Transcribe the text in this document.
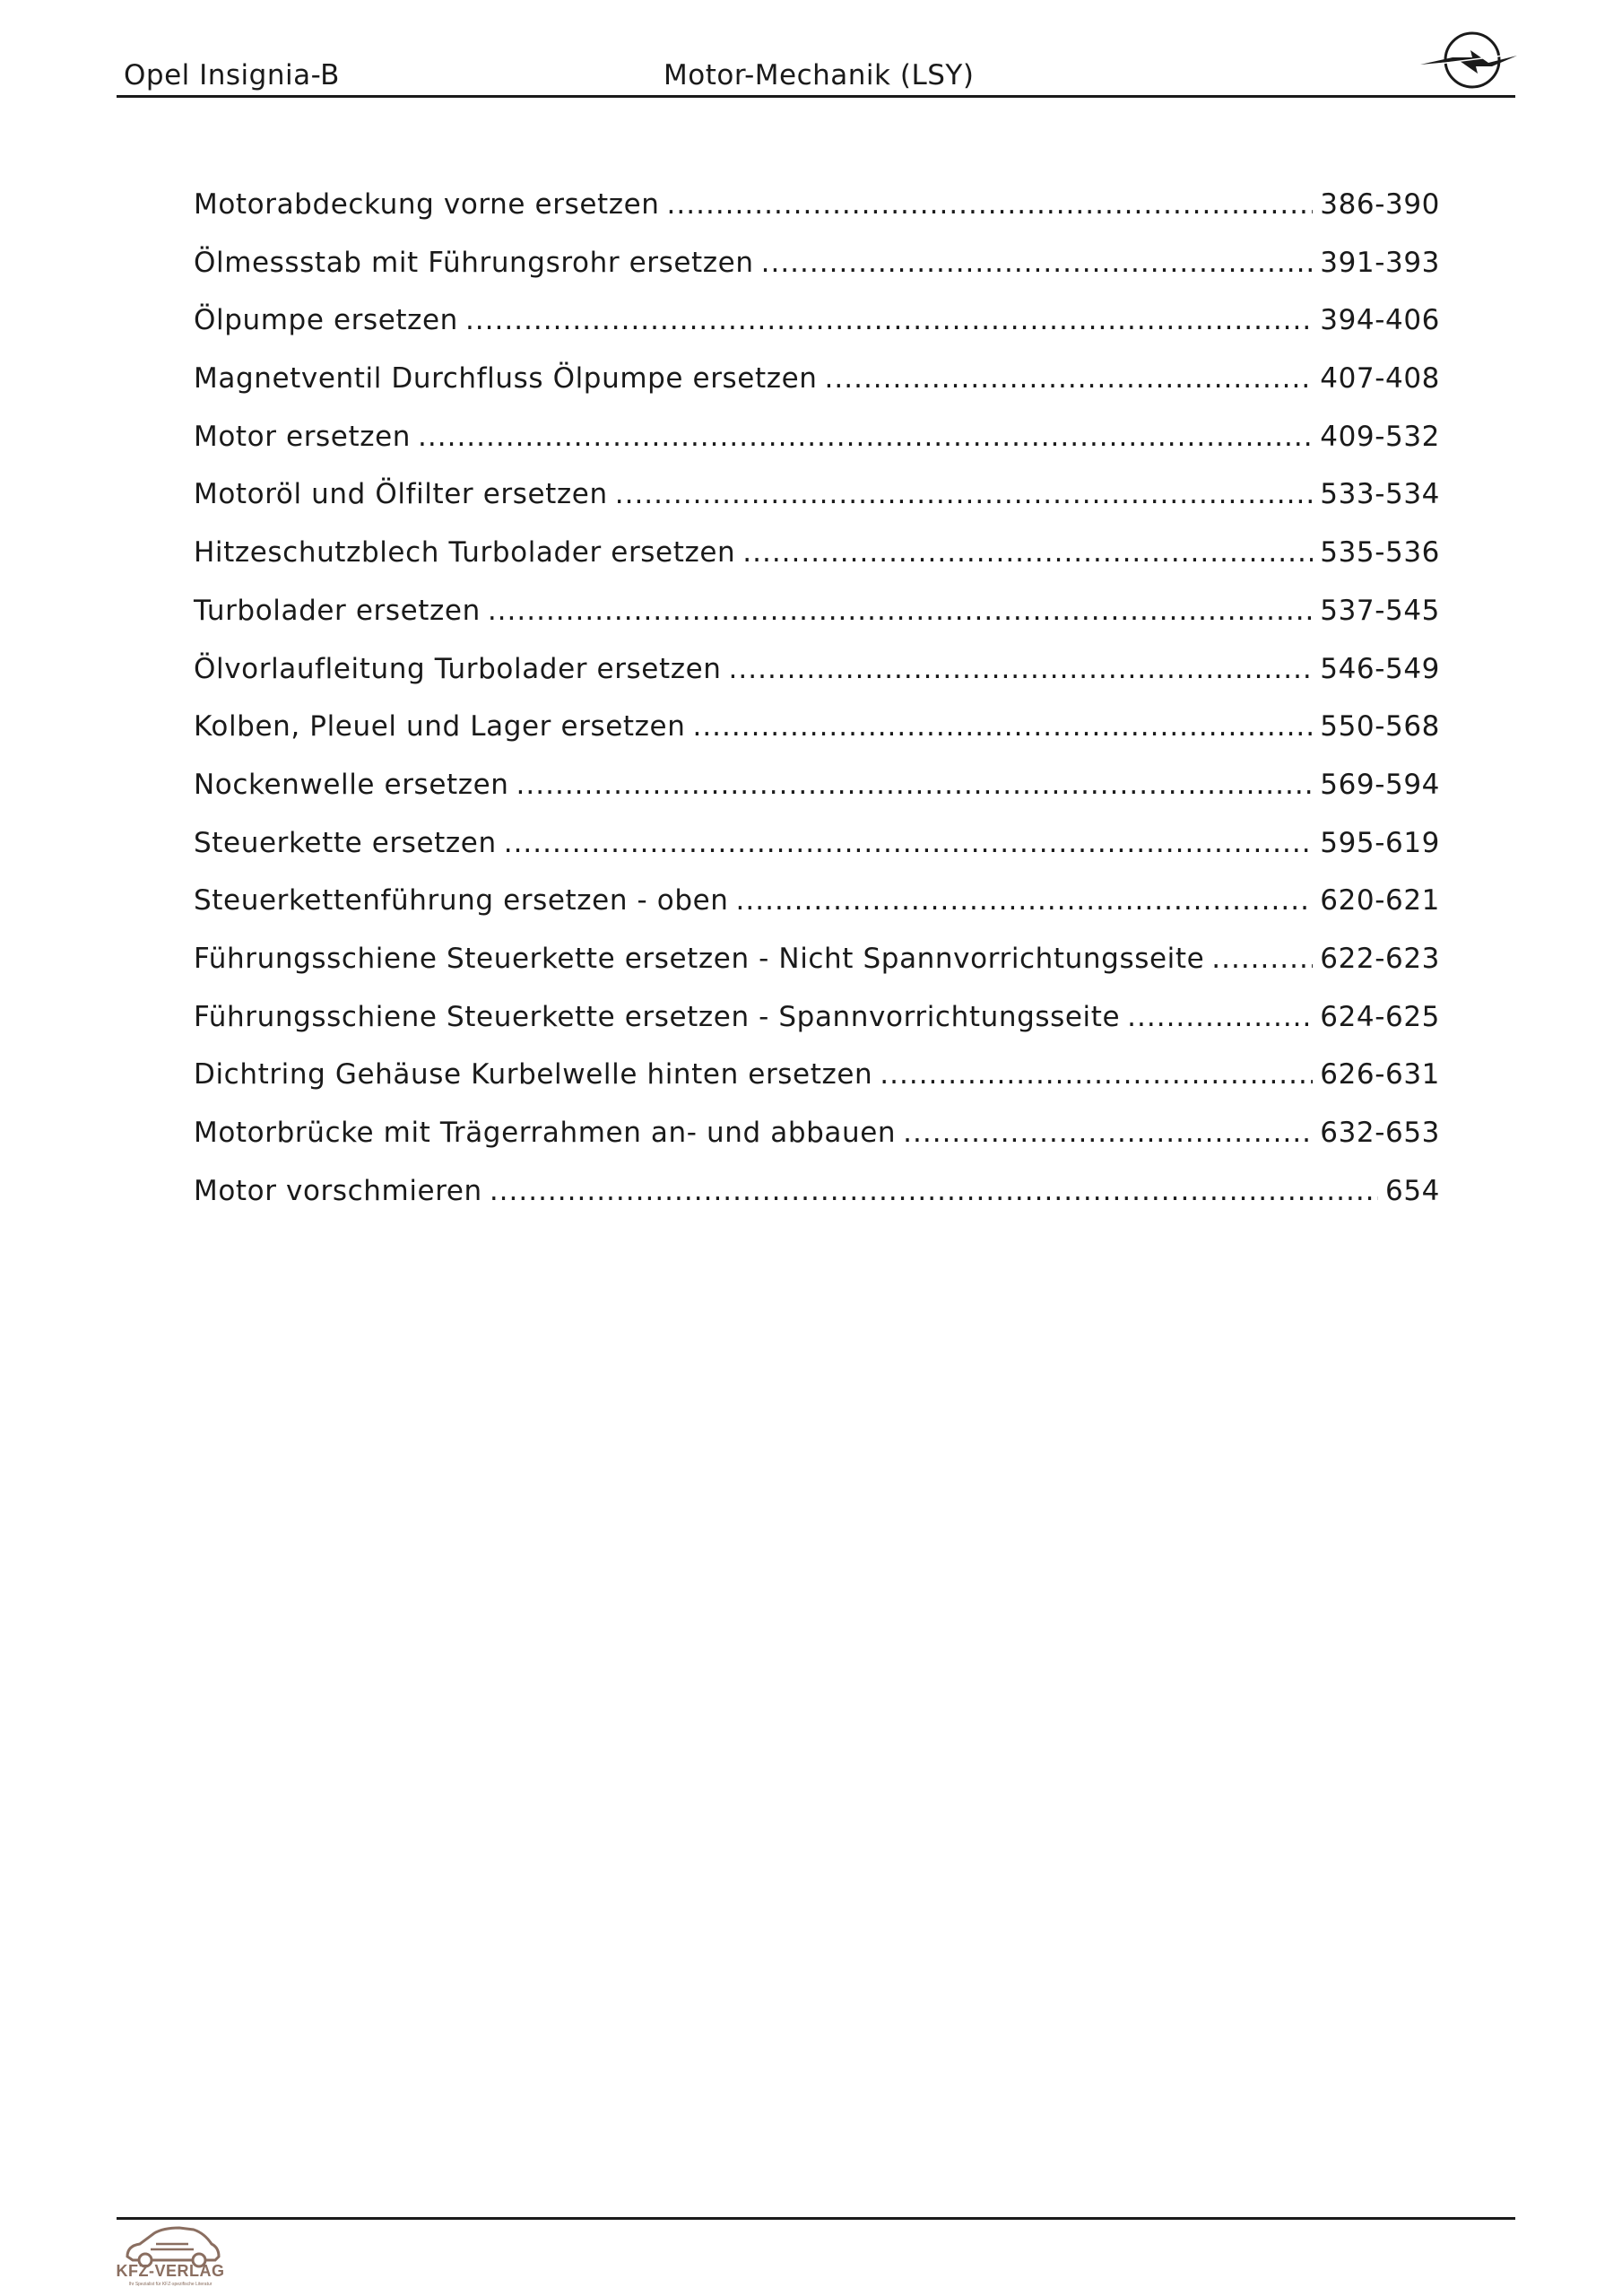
Opel Insignia-B	Motor-Mechanik (LSY)
Motorabdeckung vorne ersetzen .....	386-390
Ölmessstab mit Führungsrohr ersetzen .....	391-393
Ölpumpe ersetzen .....	394-406
Magnetventil Durchfluss Ölpumpe ersetzen .....	407-408
Motor ersetzen .....	409-532
Motoröl und Ölfilter ersetzen .....	533-534
Hitzeschutzblech Turbolader ersetzen .....	535-536
Turbolader ersetzen .....	537-545
Ölvorlaufleitung Turbolader ersetzen .....	546-549
Kolben, Pleuel und Lager ersetzen .....	550-568
Nockenwelle ersetzen .....	569-594
Steuerkette ersetzen .....	595-619
Steuerkettenführung ersetzen - oben .....	620-621
Führungsschiene Steuerkette ersetzen - Nicht Spannvorrichtungsseite .....	622-623
Führungsschiene Steuerkette ersetzen - Spannvorrichtungsseite .....	624-625
Dichtring Gehäuse Kurbelwelle hinten ersetzen .....	626-631
Motorbrücke mit Trägerrahmen an- und abbauen .....	632-653
Motor vorschmieren .....	654
KFZ-VERLAG
Ihr Spezialist für KFZ-spezifische Literatur
